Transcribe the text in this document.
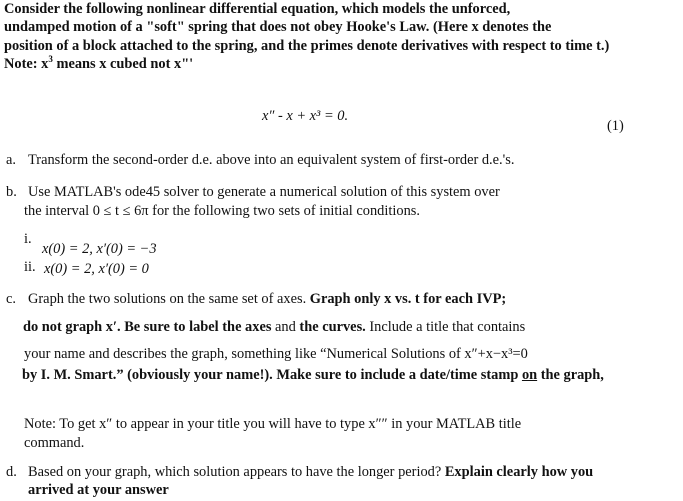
Consider the following nonlinear differential equation, which models the unforced,
undamped motion of a "soft" spring that does not obey Hooke's Law. (Here x denotes the
position of a block attached to the spring, and the primes denote derivatives with respect to time t.)
Note: $x^3$ means x cubed not x"'
x″ - x + x³ = 0.
(1)
a. Transform the second-order d.e. above into an equivalent system of first-order d.e.'s.
b. Use MATLAB's ode45 solver to generate a numerical solution of this system over
the interval 0 ≤ t ≤ 6π for the following two sets of initial conditions.
i.
x(0) = 2, x′(0) = −3
ii. x(0) = 2, x′(0) = 0
c. Graph the two solutions on the same set of axes. Graph only x vs. t for each IVP;
do not graph x′. Be sure to label the axes and the curves. Include a title that contains
your name and describes the graph, something like “Numerical Solutions of x″+x−x³=0
by I. M. Smart.” (obviously your name!). Make sure to include a date/time stamp on the graph,
Note: To get x″ to appear in your title you will have to type x″″ in your MATLAB title
command.
d. Based on your graph, which solution appears to have the longer period? Explain clearly how you
arrived at your answer
